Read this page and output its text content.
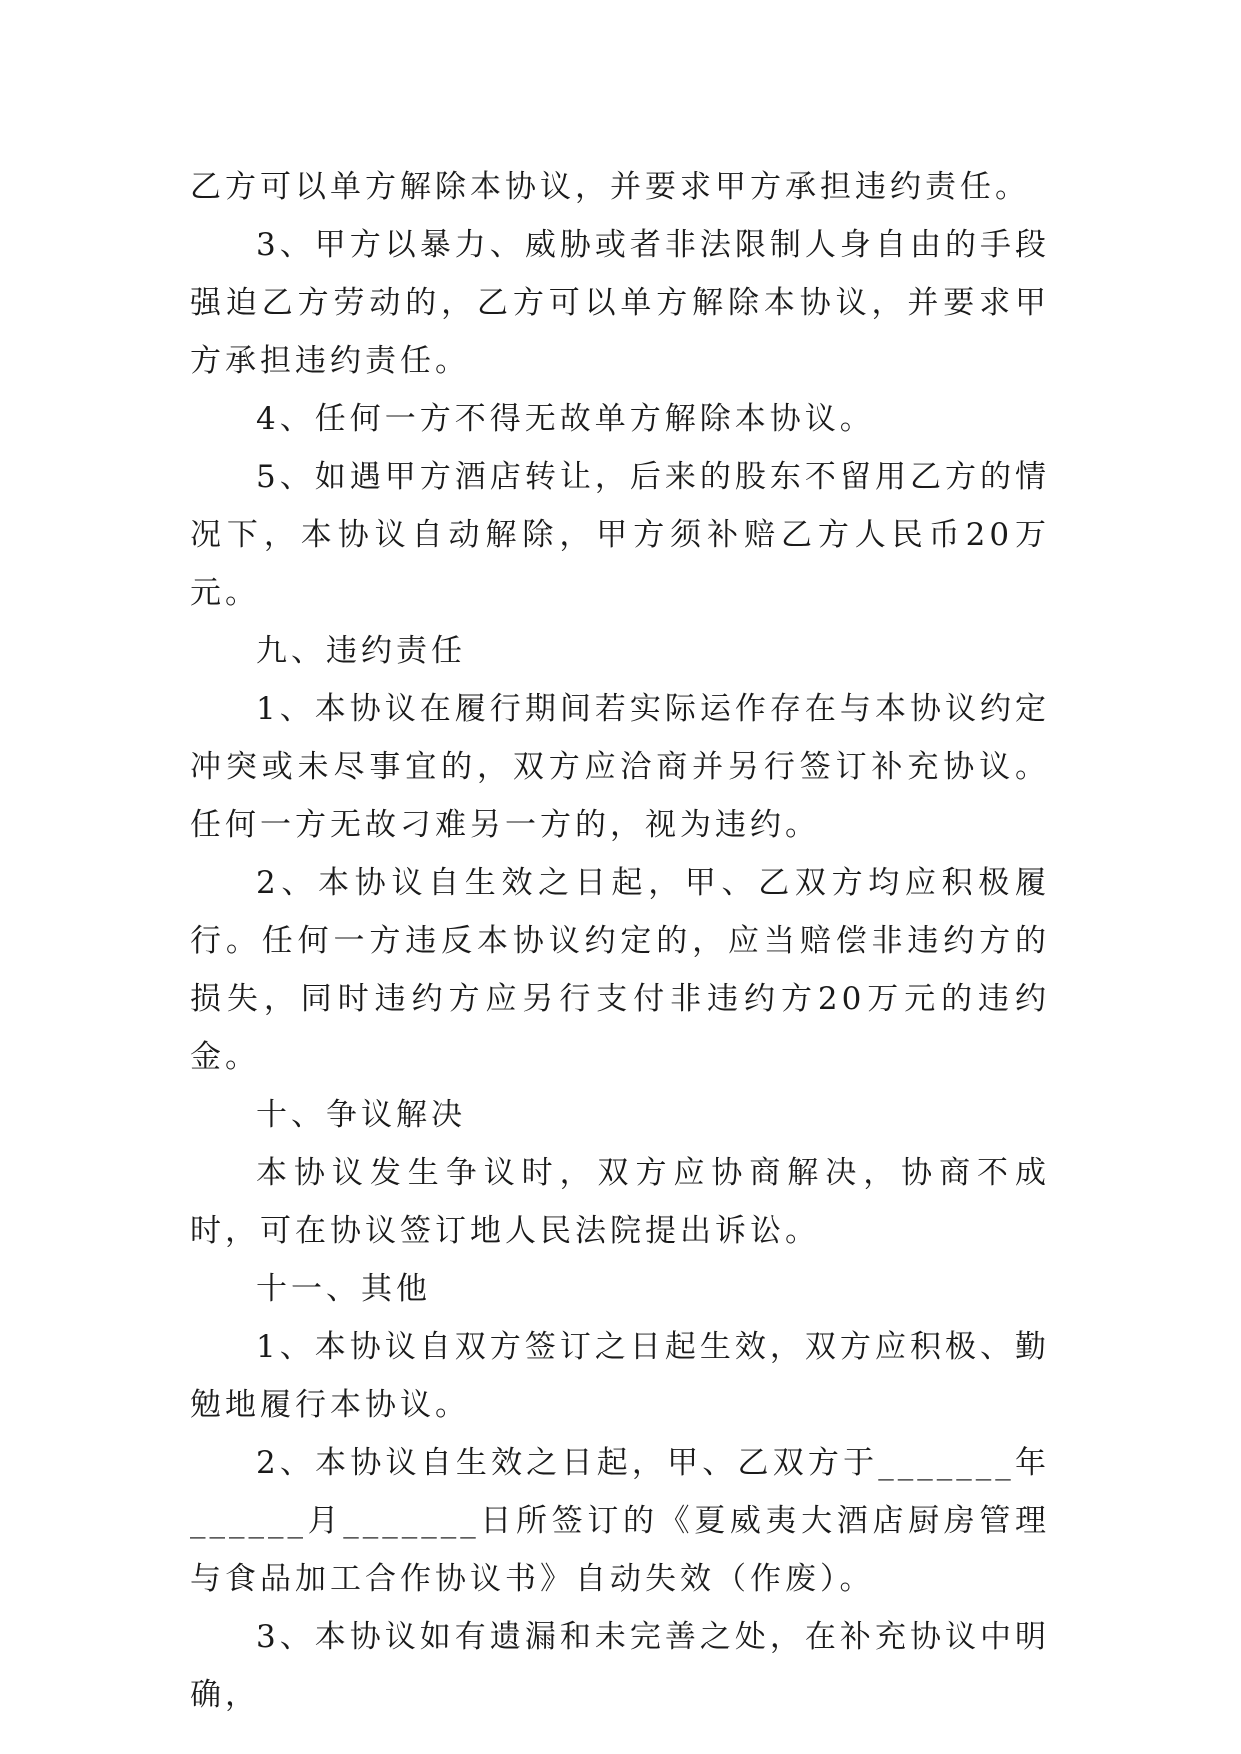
乙方可以单方解除本协议，并要求甲方承担违约责任。

3、甲方以暴力、威胁或者非法限制人身自由的手段强迫乙方劳动的，乙方可以单方解除本协议，并要求甲方承担违约责任。

4、任何一方不得无故单方解除本协议。

5、如遇甲方酒店转让，后来的股东不留用乙方的情况下，本协议自动解除，甲方须补赔乙方人民币20万元。

九、违约责任

1、本协议在履行期间若实际运作存在与本协议约定冲突或未尽事宜的，双方应洽商并另行签订补充协议。任何一方无故刁难另一方的，视为违约。

2、本协议自生效之日起，甲、乙双方均应积极履行。任何一方违反本协议约定的，应当赔偿非违约方的损失，同时违约方应另行支付非违约方20万元的违约金。

十、争议解决

本协议发生争议时，双方应协商解决，协商不成时，可在协议签订地人民法院提出诉讼。

十一、其他

1、本协议自双方签订之日起生效，双方应积极、勤勉地履行本协议。

2、本协议自生效之日起，甲、乙双方于_______年______月_______日所签订的《夏威夷大酒店厨房管理与食品加工合作协议书》自动失效（作废）。

3、本协议如有遗漏和未完善之处，在补充协议中明确，
